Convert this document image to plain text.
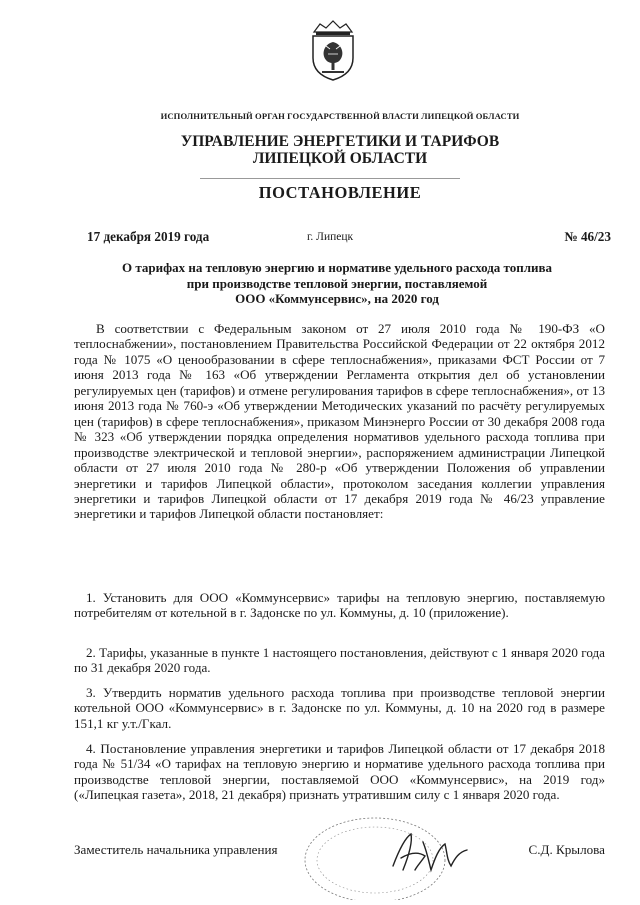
ИСПОЛНИТЕЛЬНЫЙ ОРГАН ГОСУДАРСТВЕННОЙ ВЛАСТИ ЛИПЕЦКОЙ ОБЛАСТИ
УПРАВЛЕНИЕ ЭНЕРГЕТИКИ И ТАРИФОВ
ЛИПЕЦКОЙ ОБЛАСТИ
ПОСТАНОВЛЕНИЕ
17 декабря 2019 года	г. Липецк	№ 46/23
О тарифах на тепловую энергию и нормативе удельного расхода топлива
при производстве тепловой энергии, поставляемой
ООО «Коммунсервис», на 2020 год

В соответствии с Федеральным законом от 27 июля 2010 года № 190-ФЗ «О теплоснабжении», постановлением Правительства Российской Федерации от 22 октября 2012 года № 1075 «О ценообразовании в сфере теплоснабжения», приказами ФСТ России от 7 июня 2013 года № 163 «Об утверждении Регламента открытия дел об установлении регулируемых цен (тарифов) и отмене регулирования тарифов в сфере теплоснабжения», от 13 июня 2013 года № 760-э «Об утверждении Методических указаний по расчёту регулируемых цен (тарифов) в сфере теплоснабжения», приказом Минэнерго России от 30 декабря 2008 года № 323 «Об утверждении порядка определения нормативов удельного расхода топлива при производстве электрической и тепловой энергии», распоряжением администрации Липецкой области от 27 июля 2010 года № 280-р «Об утверждении Положения об управлении энергетики и тарифов Липецкой области», протоколом заседания коллегии управления энергетики и тарифов Липецкой области от 17 декабря 2019 года № 46/23 управление энергетики и тарифов Липецкой области постановляет:

1. Установить для ООО «Коммунсервис» тарифы на тепловую энергию, поставляемую потребителям от котельной в г. Задонске по ул. Коммуны, д. 10 (приложение).

2. Тарифы, указанные в пункте 1 настоящего постановления, действуют с 1 января 2020 года по 31 декабря 2020 года.

3. Утвердить норматив удельного расхода топлива при производстве тепловой энергии котельной ООО «Коммунсервис» в г. Задонске по ул. Коммуны, д. 10 на 2020 год в размере 151,1 кг у.т./Гкал.

4. Постановление управления энергетики и тарифов Липецкой области от 17 декабря 2018 года № 51/34 «О тарифах на тепловую энергию и нормативе удельного расхода топлива при производстве тепловой энергии, поставляемой ООО «Коммунсервис», на 2019 год» («Липецкая газета», 2018, 21 декабря) признать утратившим силу с 1 января 2020 года.

Заместитель начальника управления	С.Д. Крылова
